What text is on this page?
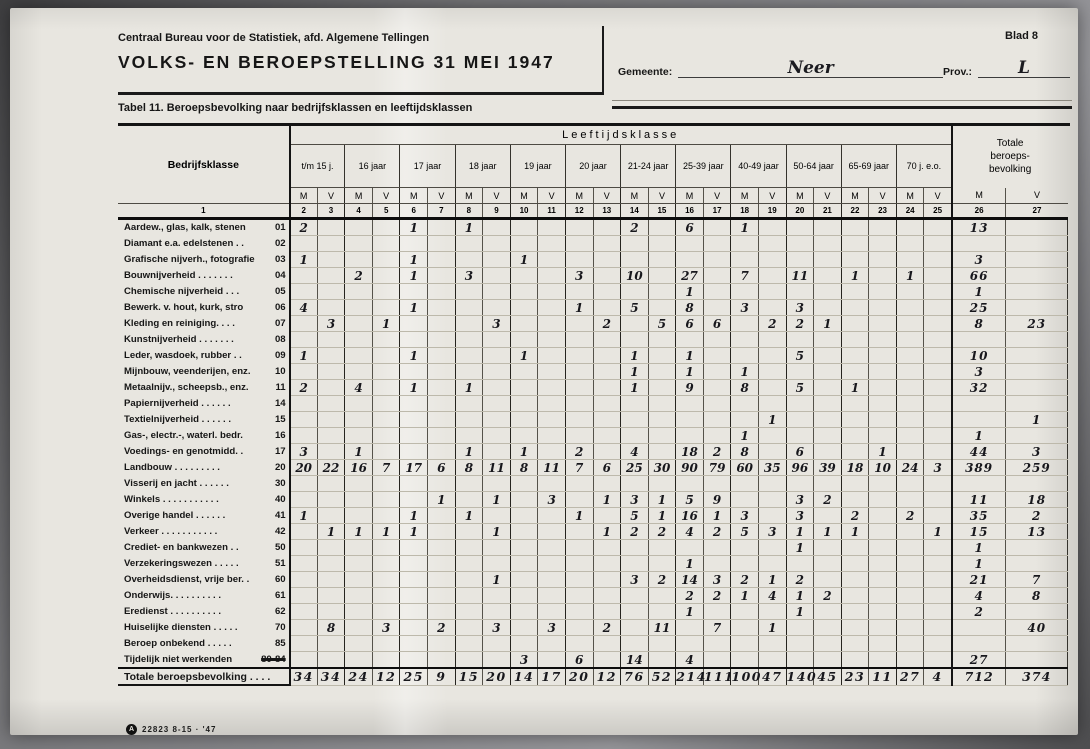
Centraal Bureau voor de Statistiek, afd. Algemene Tellingen
VOLKS- EN BEROEPSTELLING 31 MEI 1947
Blad 8
Gemeente:	Neer	Prov.:	L
Tabel 11. Beroepsbevolking naar bedrijfsklassen en leeftijdsklassen
Bedrijfsklasse	Leeftijdsklasse																								Totale beroeps- bevolking	

	t/m 15 j.		16 jaar		17 jaar		18 jaar		19 jaar		20 jaar		21-24 jaar		25-39 jaar		40-49 jaar		50-64 jaar		65-69 jaar		70 j. e.o.			
	M	V	M	V	M	V	M	V	M	V	M	V	M	V	M	V	M	V	M	V	M	V	M	V	M	V
1	2	3	4	5	6	7	8	9	10	11	12	13	14	15	16	17	18	19	20	21	22	23	24	25	26	27

Aardew., glas, kalk, stenen 01	2				1		1						2		6		1								13	

Diamant e.a. edelstenen . . 02																										

Grafische nijverh., fotografie 03	1				1				1																3	

Bouwnijverheid . . . . . . . 04			2		1		3				3		10		27		7		11		1		1		66	

Chemische nijverheid . . . 05															1										1	

Bewerk. v. hout, kurk, stro 06	4				1						1		5		8		3		3						25	

Kleding en reiniging. . . . 07		3		1				3				2		5	6	6		2	2	1					8	23

Kunstnijverheid . . . . . . . 08																										

Leder, wasdoek, rubber . . 09	1				1				1				1		1				5						10	

Mijnbouw, veenderijen, enz. 10													1		1		1								3	

Metaalnijv., scheepsb., enz. 11	2		4		1		1						1		9		8		5		1				32	

Papiernijverheid . . . . . . 14																										

Textielnijverheid . . . . . . 15																		1								1

Gas-, electr.-, waterl. bedr. 16																	1								1	

Voedings- en genotmidd. . 17	3		1				1		1		2		4		18	2	8		6			1			44	3

Landbouw . . . . . . . . . 20	20	22	16	7	17	6	8	11	8	11	7	6	25	30	90	79	60	35	96	39	18	10	24	3	389	259

Visserij en jacht . . . . . . 30																										

Winkels . . . . . . . . . . . 40						1		1		3		1	3	1	5	9			3	2					11	18

Overige handel . . . . . . 41	1				1		1				1		5	1	16	1	3		3		2		2		35	2

Verkeer . . . . . . . . . . . 42		1	1	1	1			1				1	2	2	4	2	5	3	1	1	1			1	15	13

Crediet- en bankwezen . . 50																			1						1	

Verzekeringswezen . . . . . 51															1										1	

Overheidsdienst, vrije ber. . 60								1					3	2	14	3	2	1	2						21	7

Onderwijs. . . . . . . . . . 61															2	2	1	4	1	2					4	8

Eredienst . . . . . . . . . . 62															1				1						2	

Huiselijke diensten . . . . . 70		8		3		2		3		3		2		11		7		1								40

Beroep onbekend . . . . . 85																										

Tijdelijk niet werkenden 80-84									3		6		14		4										27	

Totale beroepsbevolking . . . .	34	34	24	12	25	9	15	20	14	17	20	12	76	52	214	111	100	47	140	45	23	11	27	4	712	374
A 22823 8-15 · '47
